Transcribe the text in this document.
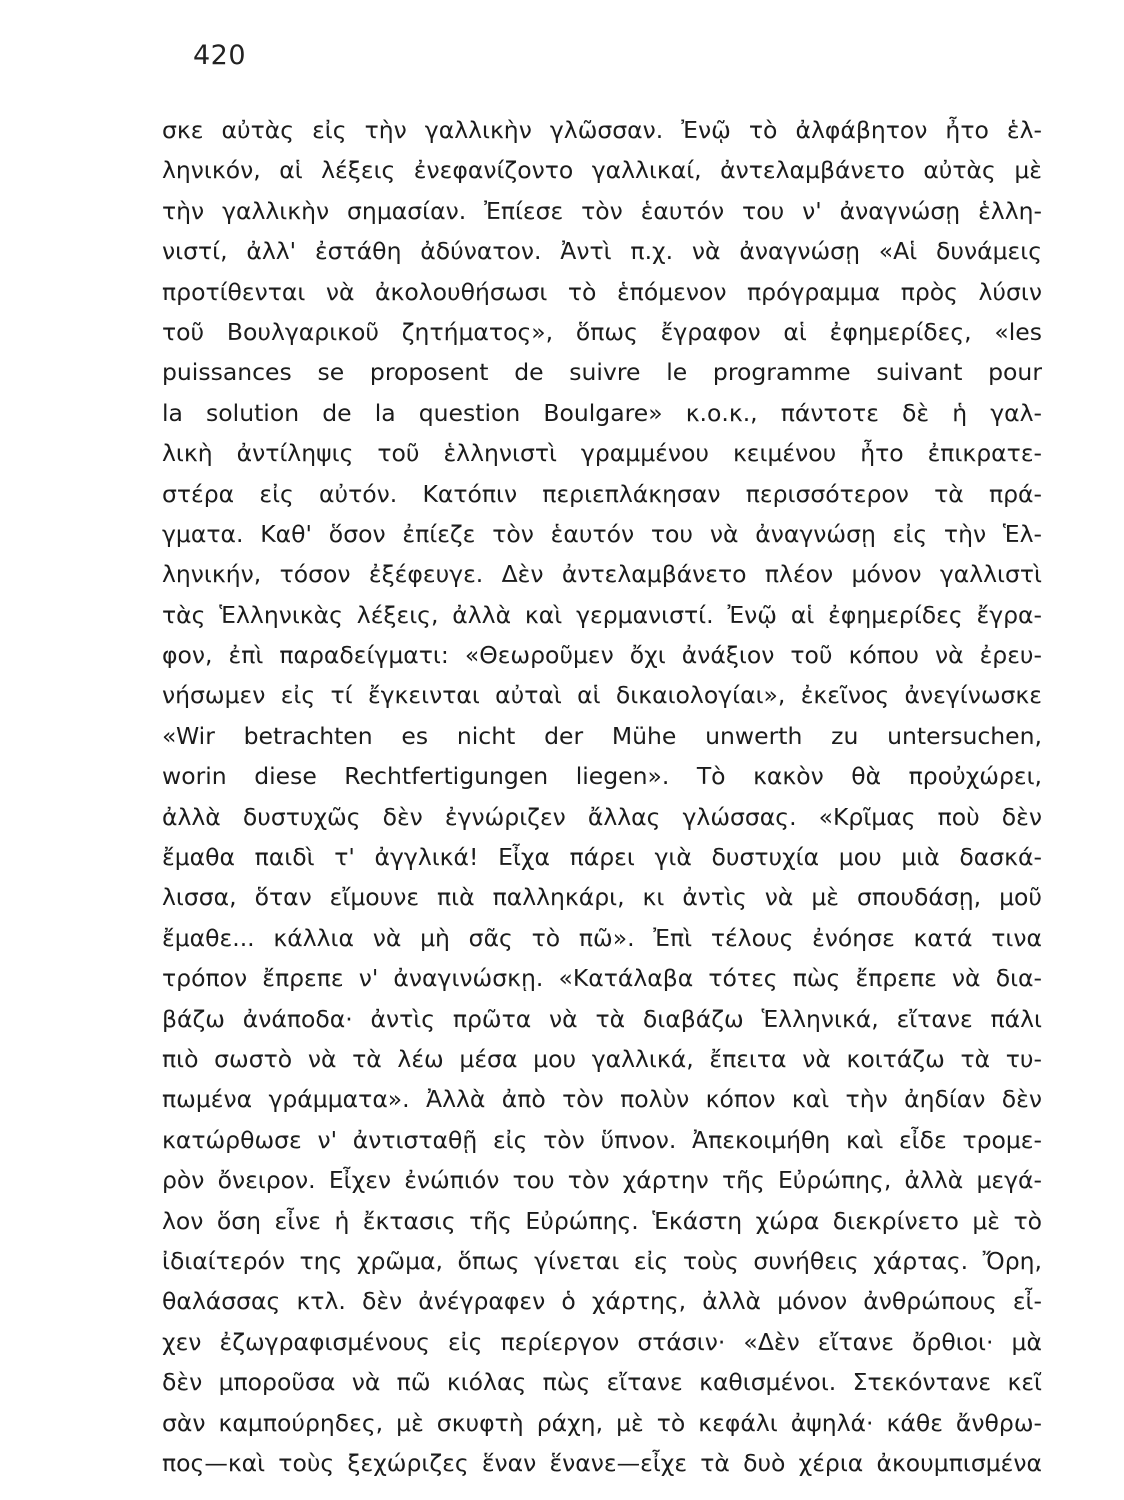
420
σκε αὐτὰς εἰς τὴν γαλλικὴν γλῶσσαν. Ἐνῷ τὸ ἀλφάβητον ἦτο ἑλ-
ληνικόν, αἱ λέξεις ἐνεφανίζοντο γαλλικαί, ἀντελαμβάνετο αὐτὰς μὲ
τὴν γαλλικὴν σημασίαν. Ἐπίεσε τὸν ἑαυτόν του ν' ἀναγνώσῃ ἑλλη-
νιστί, ἀλλ' ἐστάθη ἀδύνατον. Ἀντὶ π.χ. νὰ ἀναγνώσῃ «Αἱ δυνάμεις
προτίθενται νὰ ἀκολουθήσωσι τὸ ἑπόμενον πρόγραμμα πρὸς λύσιν
τοῦ Βουλγαρικοῦ ζητήματος», ὅπως ἔγραφον αἱ ἐφημερίδες, «les
puissances se proposent de suivre le programme suivant pour
la solution de la question Boulgare» κ.ο.κ., πάντοτε δὲ ἡ γαλ-
λικὴ ἀντίληψις τοῦ ἑλληνιστὶ γραμμένου κειμένου ἦτο ἐπικρατε-
στέρα εἰς αὐτόν. Κατόπιν περιεπλάκησαν περισσότερον τὰ πρά-
γματα. Καθ' ὅσον ἐπίεζε τὸν ἑαυτόν του νὰ ἀναγνώσῃ εἰς τὴν Ἑλ-
ληνικήν, τόσον ἐξέφευγε. Δὲν ἀντελαμβάνετο πλέον μόνον γαλλιστὶ
τὰς Ἑλληνικὰς λέξεις, ἀλλὰ καὶ γερμανιστί. Ἐνῷ αἱ ἐφημερίδες ἔγρα-
φον, ἐπὶ παραδείγματι: «Θεωροῦμεν ὄχι ἀνάξιον τοῦ κόπου νὰ ἐρευ-
νήσωμεν εἰς τί ἔγκεινται αὐταὶ αἱ δικαιολογίαι», ἐκεῖνος ἀνεγίνωσκε
«Wir betrachten es nicht der Mühe unwerth zu untersuchen,
worin diese Rechtfertigungen liegen». Τὸ κακὸν θὰ προὐχώρει,
ἀλλὰ δυστυχῶς δὲν ἐγνώριζεν ἄλλας γλώσσας. «Κρῖμας ποὺ δὲν
ἔμαθα παιδὶ τ' ἀγγλικά! Εἶχα πάρει γιὰ δυστυχία μου μιὰ δασκά-
λισσα, ὅταν εἴμουνε πιὰ παλληκάρι, κι ἀντὶς νὰ μὲ σπουδάσῃ, μοῦ
ἔμαθε... κάλλια νὰ μὴ σᾶς τὸ πῶ». Ἐπὶ τέλους ἐνόησε κατά τινα
τρόπον ἔπρεπε ν' ἀναγινώσκῃ. «Κατάλαβα τότες πὼς ἔπρεπε νὰ δια-
βάζω ἀνάποδα· ἀντὶς πρῶτα νὰ τὰ διαβάζω Ἑλληνικά, εἴτανε πάλι
πιὸ σωστὸ νὰ τὰ λέω μέσα μου γαλλικά, ἔπειτα νὰ κοιτάζω τὰ τυ-
πωμένα γράμματα». Ἀλλὰ ἀπὸ τὸν πολὺν κόπον καὶ τὴν ἀηδίαν δὲν
κατώρθωσε ν' ἀντισταθῇ εἰς τὸν ὕπνον. Ἀπεκοιμήθη καὶ εἶδε τρομε-
ρὸν ὄνειρον. Εἶχεν ἐνώπιόν του τὸν χάρτην τῆς Εὐρώπης, ἀλλὰ μεγά-
λον ὅση εἶνε ἡ ἔκτασις τῆς Εὐρώπης. Ἑκάστη χώρα διεκρίνετο μὲ τὸ
ἰδιαίτερόν της χρῶμα, ὅπως γίνεται εἰς τοὺς συνήθεις χάρτας. Ὄρη,
θαλάσσας κτλ. δὲν ἀνέγραφεν ὁ χάρτης, ἀλλὰ μόνον ἀνθρώπους εἶ-
χεν ἐζωγραφισμένους εἰς περίεργον στάσιν· «Δὲν εἴτανε ὄρθιοι· μὰ
δὲν μποροῦσα νὰ πῶ κιόλας πὼς εἴτανε καθισμένοι. Στεκόντανε κεῖ
σὰν καμπούρηδες, μὲ σκυφτὴ ράχη, μὲ τὸ κεφάλι ἀψηλά· κάθε ἄνθρω-
πος—καὶ τοὺς ξεχώριζες ἕναν ἕνανε—εἶχε τὰ δυὸ χέρια ἀκουμπισμένα
